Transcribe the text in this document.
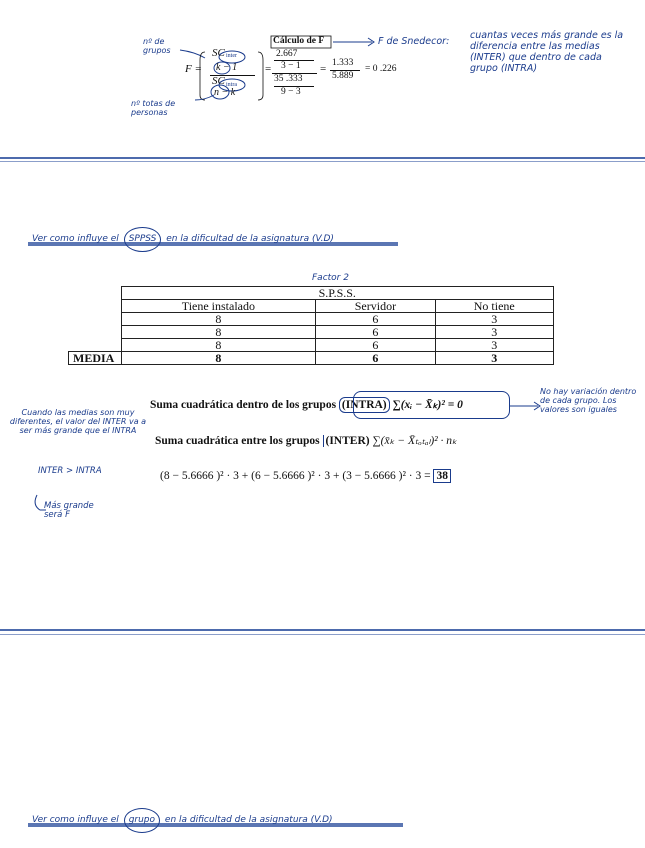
nº de grupos
F =
SC inter
k − 1
SC intra
n − k
=
Cálculo de F
2.667
3 − 1
35 .333
9 − 3
= 1.333
5.889
= 0 .226
nº totas de personas
F de Snedecor:
cuantas veces más grande es la diferencia entre las medias (INTER) que dentro de cada grupo (INTRA)
Ver como influye el SPPSS en la dificultad de la asignatura (V.D)
Factor 2
	S.P.S.S.		
	Tiene instalado	Servidor	No tiene
	8	6	3
	8	6	3
	8	6	3
MEDIA	8	6	3
Suma cuadrática dentro de los grupos (INTRA) ∑(xᵢ − X̄ₖ)² = 0
Suma cuadrática entre los grupos (INTER) ∑(x̄ₖ − X̄ₜₒₜₐₗ)² · nₖ
(8 − 5.6666 )² · 3 + (6 − 5.6666 )² · 3 + (3 − 5.6666 )² · 3 = 38
No hay variación dentro de cada grupo. Los valores son iguales
Cuando las medias son muy diferentes, el valor del INTER va a ser más grande que el INTRA
INTER > INTRA
Más grande será F
Ver como influye el grupo en la dificultad de la asignatura (V.D)
